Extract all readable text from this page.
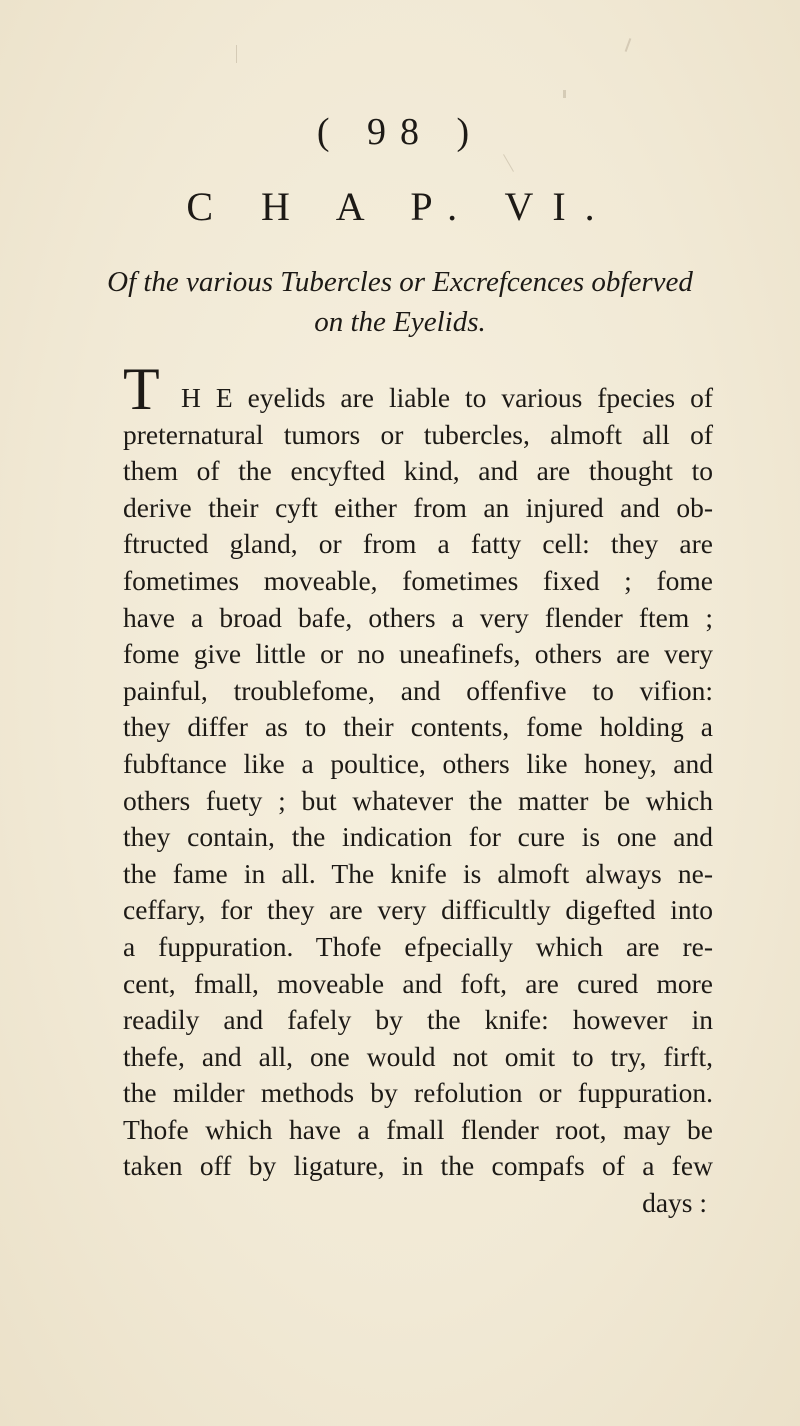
( 98 )
C H A P. VI.
Of the various Tubercles or Excrefcences obferved
on the Eyelids.
T H E eyelids are liable to various fpecies of
preternatural tumors or tubercles, almoft all of
them of the encyfted kind, and are thought to
derive their cyft either from an injured and ob-
ftructed gland, or from a fatty cell: they are
fometimes moveable, fometimes fixed ; fome
have a broad bafe, others a very flender ftem ;
fome give little or no uneafinefs, others are very
painful, troublefome, and offenfive to vifion:
they differ as to their contents, fome holding a
fubftance like a poultice, others like honey, and
others fuety ; but whatever the matter be which
they contain, the indication for cure is one and
the fame in all. The knife is almoft always ne-
ceffary, for they are very difficultly digefted into
a fuppuration. Thofe efpecially which are re-
cent, fmall, moveable and foft, are cured more
readily and fafely by the knife: however in
thefe, and all, one would not omit to try, firft,
the milder methods by refolution or fuppuration.
Thofe which have a fmall flender root, may be
taken off by ligature, in the compafs of a few
days :
